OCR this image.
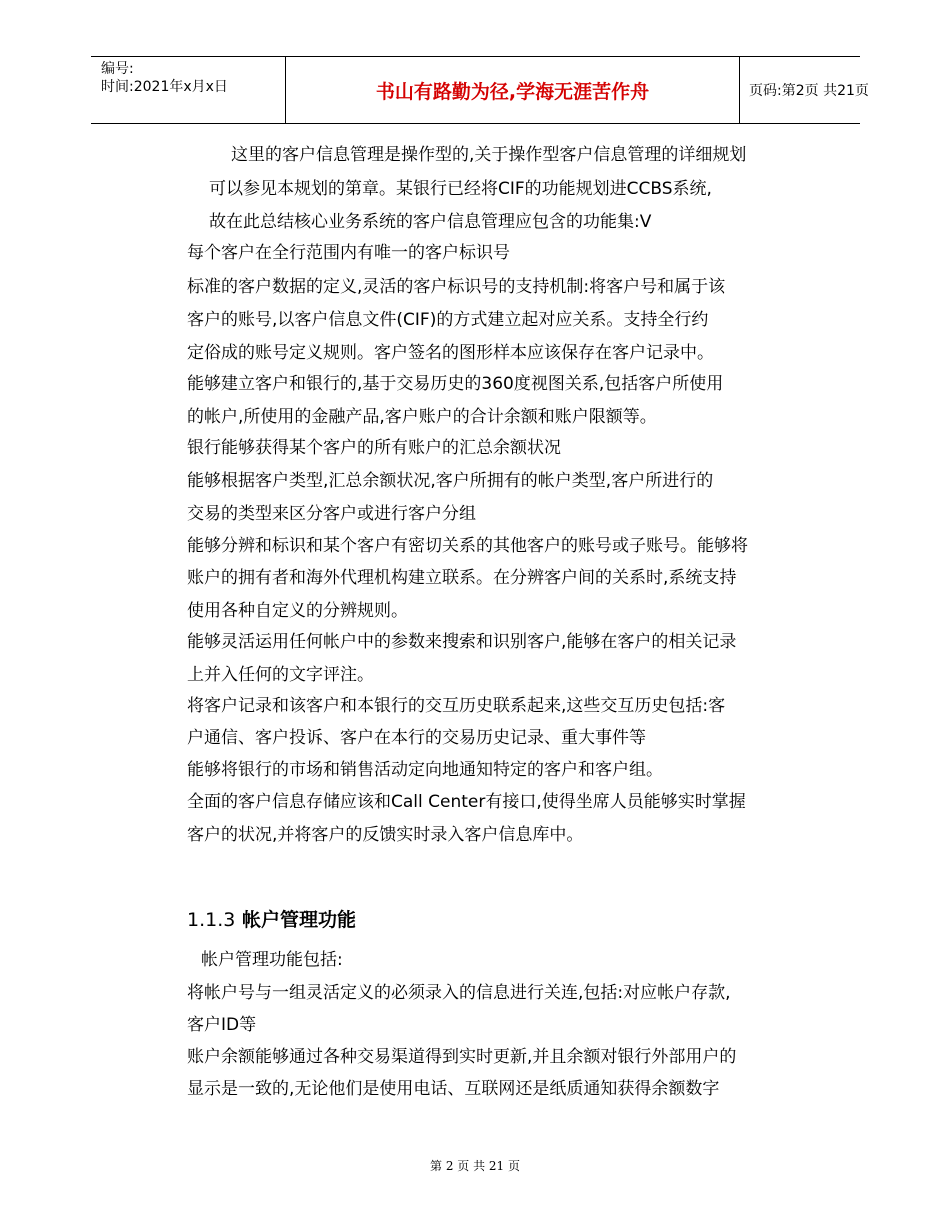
编号:
时间:2021年x月x日	书山有路勤为径,学海无涯苦作舟	页码:第2页 共21页
这里的客户信息管理是操作型的,关于操作型客户信息管理的详细规划
可以参见本规划的第章。某银行已经将CIF的功能规划进CCBS系统,
故在此总结核心业务系统的客户信息管理应包含的功能集:V
每个客户在全行范围内有唯一的客户标识号
标准的客户数据的定义,灵活的客户标识号的支持机制:将客户号和属于该
客户的账号,以客户信息文件(CIF)的方式建立起对应关系。支持全行约
定俗成的账号定义规则。客户签名的图形样本应该保存在客户记录中。
能够建立客户和银行的,基于交易历史的360度视图关系,包括客户所使用
的帐户,所使用的金融产品,客户账户的合计余额和账户限额等。
银行能够获得某个客户的所有账户的汇总余额状况
能够根据客户类型,汇总余额状况,客户所拥有的帐户类型,客户所进行的
交易的类型来区分客户或进行客户分组
能够分辨和标识和某个客户有密切关系的其他客户的账号或子账号。能够将
账户的拥有者和海外代理机构建立联系。在分辨客户间的关系时,系统支持
使用各种自定义的分辨规则。
能够灵活运用任何帐户中的参数来搜索和识别客户,能够在客户的相关记录
上并入任何的文字评注。
将客户记录和该客户和本银行的交互历史联系起来,这些交互历史包括:客
户通信、客户投诉、客户在本行的交易历史记录、重大事件等
能够将银行的市场和销售活动定向地通知特定的客户和客户组。
全面的客户信息存储应该和Call Center有接口,使得坐席人员能够实时掌握
客户的状况,并将客户的反馈实时录入客户信息库中。
1.1.3 帐户管理功能
帐户管理功能包括:
将帐户号与一组灵活定义的必须录入的信息进行关连,包括:对应帐户存款,
客户ID等
账户余额能够通过各种交易渠道得到实时更新,并且余额对银行外部用户的
显示是一致的,无论他们是使用电话、互联网还是纸质通知获得余额数字
第 2 页 共 21 页
